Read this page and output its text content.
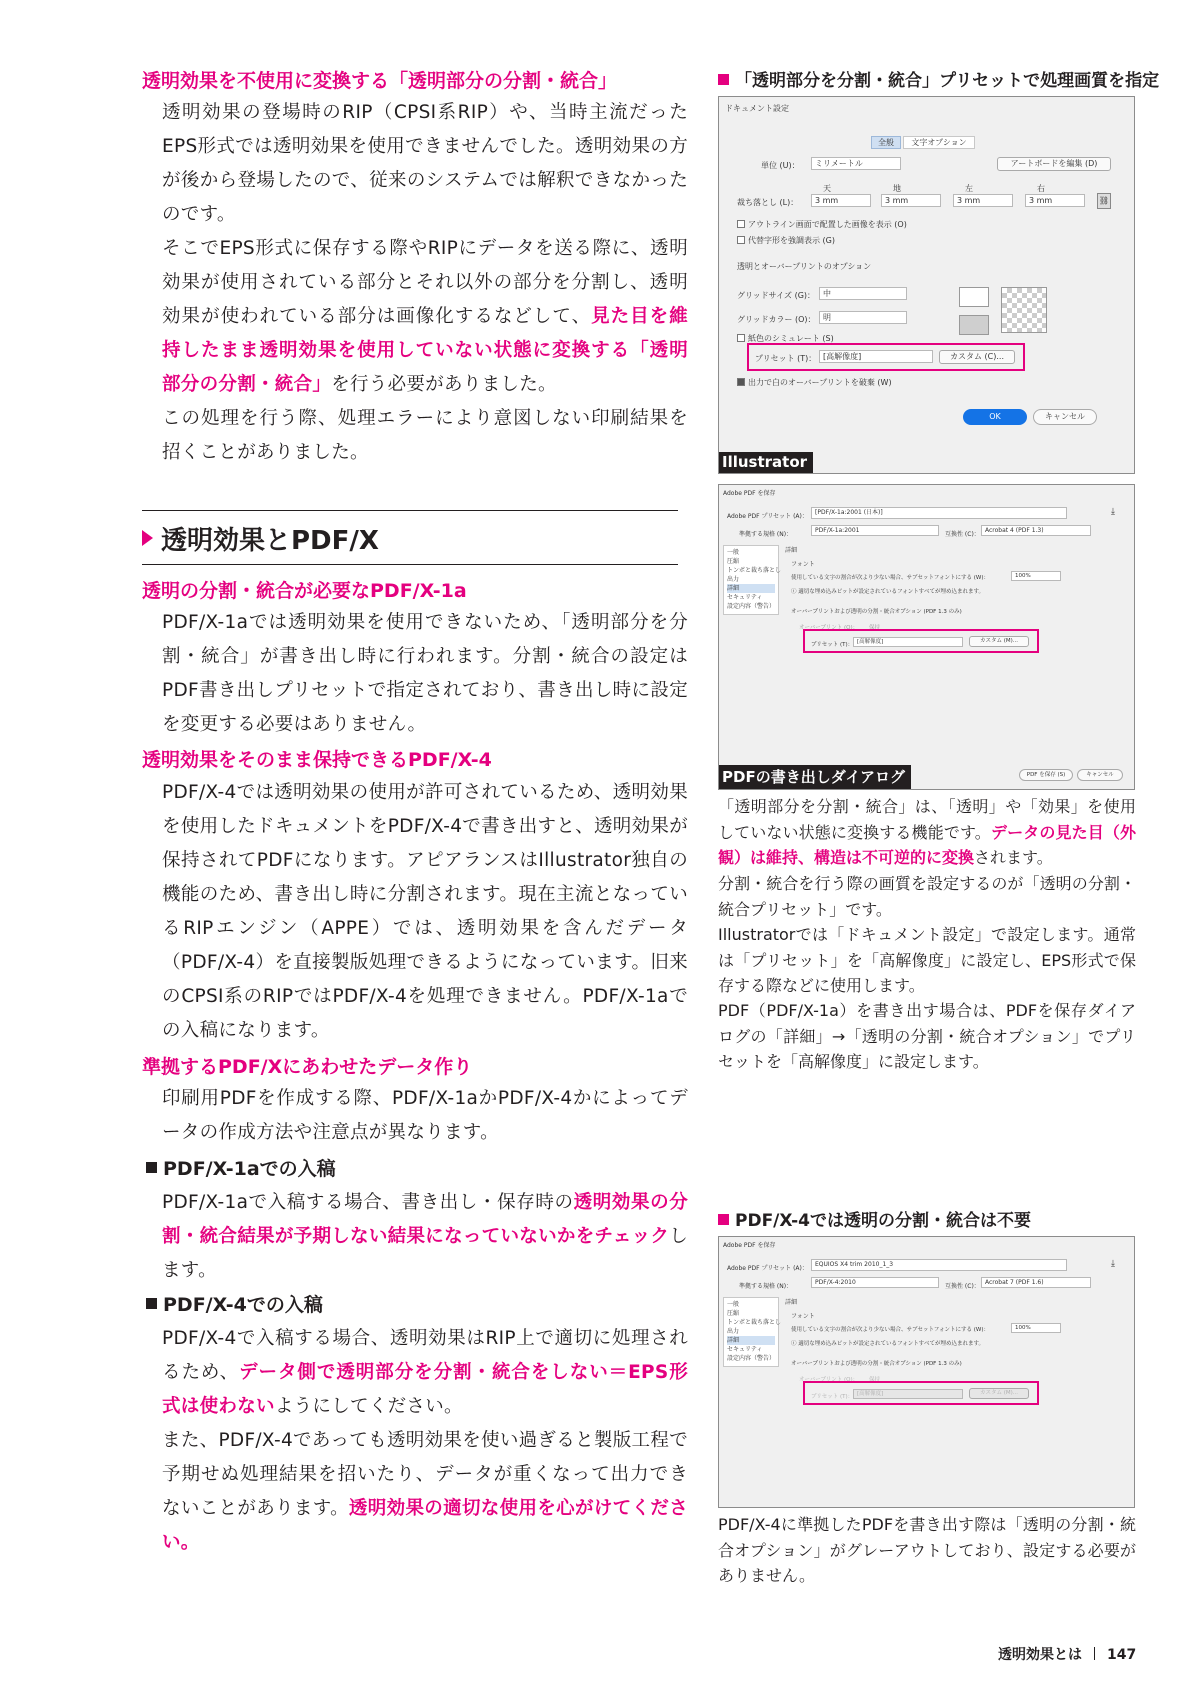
透明効果を不使用に変換する「透明部分の分割・統合」
透明効果の登場時のRIP（CPSI系RIP）や、当時主流だったEPS形式では透明効果を使用できませんでした。透明効果の方が後から登場したので、従来のシステムでは解釈できなかったのです。
そこでEPS形式に保存する際やRIPにデータを送る際に、透明効果が使用されている部分とそれ以外の部分を分割し、透明効果が使われている部分は画像化するなどして、見た目を維持したまま透明効果を使用していない状態に変換する「透明部分の分割・統合」を行う必要がありました。
この処理を行う際、処理エラーにより意図しない印刷結果を招くことがありました。
透明効果とPDF/X
透明の分割・統合が必要なPDF/X-1a
PDF/X-1aでは透明効果を使用できないため、「透明部分を分割・統合」が書き出し時に行われます。分割・統合の設定はPDF書き出しプリセットで指定されており、書き出し時に設定を変更する必要はありません。
透明効果をそのまま保持できるPDF/X-4
PDF/X-4では透明効果の使用が許可されているため、透明効果を使用したドキュメントをPDF/X-4で書き出すと、透明効果が保持されてPDFになります。アピアランスはIllustrator独自の機能のため、書き出し時に分割されます。現在主流となっているRIPエンジン（APPE）では、透明効果を含んだデータ（PDF/X-4）を直接製版処理できるようになっています。旧来のCPSI系のRIPではPDF/X-4を処理できません。PDF/X-1aでの入稿になります。
準拠するPDF/Xにあわせたデータ作り
印刷用PDFを作成する際、PDF/X-1aかPDF/X-4かによってデータの作成方法や注意点が異なります。
PDF/X-1aでの入稿
PDF/X-1aで入稿する場合、書き出し・保存時の透明効果の分割・統合結果が予期しない結果になっていないかをチェックします。
PDF/X-4での入稿
PDF/X-4で入稿する場合、透明効果はRIP上で適切に処理されるため、データ側で透明部分を分割・統合をしない＝EPS形式は使わないようにしてください。
また、PDF/X-4であっても透明効果を使い過ぎると製版工程で予期せぬ処理結果を招いたり、データが重くなって出力できないことがあります。透明効果の適切な使用を心がけてください。
「透明部分を分割・統合」プリセットで処理画質を指定
ドキュメント設定
全般	文字オプション
単位 (U)：	ミリメートル	アートボードを編集 (D)
天	地	左	右
裁ち落とし (L)：	3 mm	3 mm	3 mm	3 mm	⛓
アウトライン画面で配置した画像を表示 (O)
代替字形を強調表示 (G)
透明とオーバープリントのオプション
グリッドサイズ (G)： 中
グリッドカラー (O)： 明
紙色のシミュレート (S)
プリセット (T)： [高解像度]	カスタム (C)...
出力で白のオーバープリントを破棄 (W)
OK	キャンセル
Illustrator
Adobe PDF を保存
Adobe PDF プリセット (A)：
[PDF/X-1a:2001 (日本)]	⤓
準拠する規格 (N)：
PDF/X-1a:2001
互換性 (C)：
Acrobat 4 (PDF 1.3)
一般
圧縮
トンボと裁ち落とし
出力
詳細
セキュリティ
設定内容（警告）
詳細
フォント
使用している文字の割合が次より少ない場合、サブセットフォントにする (W)：	100%
ⓘ 適切な埋め込みビットが設定されているフォントすべてが埋め込まれます。
オーバープリントおよび透明の分割・統合オプション (PDF 1.3 のみ)
オーバープリント (O)： 保持
プリセット (T)： [高解像度]	カスタム (M)...
PDF を保存 (S)	キャンセル
PDFの書き出しダイアログ
「透明部分を分割・統合」は、「透明」や「効果」を使用していない状態に変換する機能です。データの見た目（外観）は維持、構造は不可逆的に変換されます。
分割・統合を行う際の画質を設定するのが「透明の分割・統合プリセット」です。
Illustratorでは「ドキュメント設定」で設定します。通常は「プリセット」を「高解像度」に設定し、EPS形式で保存する際などに使用します。
PDF（PDF/X-1a）を書き出す場合は、PDFを保存ダイアログの「詳細」→「透明の分割・統合オプション」でプリセットを「高解像度」に設定します。
PDF/X-4では透明の分割・統合は不要
Adobe PDF を保存
Adobe PDF プリセット (A)：
EQUIOS X4 trim 2010_1_3	⤓
準拠する規格 (N)：
PDF/X-4:2010
互換性 (C)：
Acrobat 7 (PDF 1.6)
一般
圧縮
トンボと裁ち落とし
出力
詳細
セキュリティ
設定内容（警告）
詳細
フォント
使用している文字の割合が次より少ない場合、サブセットフォントにする (W)：	100%
ⓘ 適切な埋め込みビットが設定されているフォントすべてが埋め込まれます。
オーバープリントおよび透明の分割・統合オプション (PDF 1.3 のみ)
オーバープリント (O)： 保持
プリセット (T)： [高解像度]	カスタム (M)...
PDF/X-4に準拠したPDFを書き出す際は「透明の分割・統合オプション」がグレーアウトしており、設定する必要がありません。
透明効果とは 147
